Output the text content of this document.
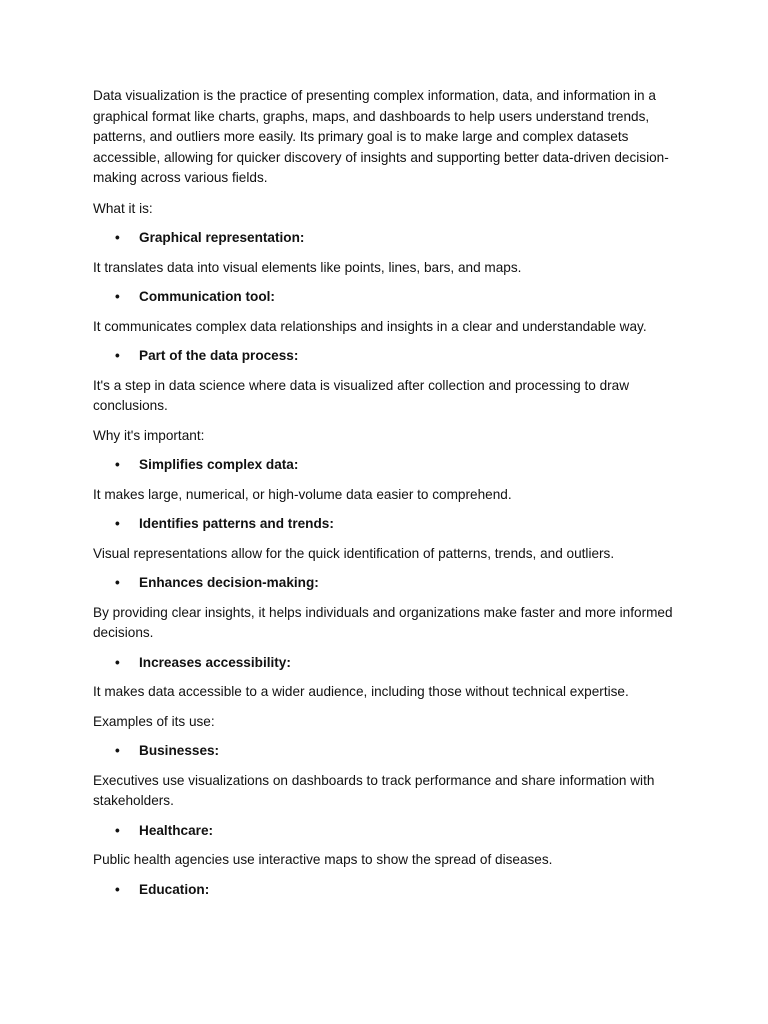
Data visualization is the practice of presenting complex information, data, and information in a graphical format like charts, graphs, maps, and dashboards to help users understand trends, patterns, and outliers more easily. Its primary goal is to make large and complex datasets accessible, allowing for quicker discovery of insights and supporting better data-driven decision-making across various fields.

What it is:

•	Graphical representation:

It translates data into visual elements like points, lines, bars, and maps.

•	Communication tool:

It communicates complex data relationships and insights in a clear and understandable way.

•	Part of the data process:

It's a step in data science where data is visualized after collection and processing to draw conclusions.

Why it's important:

•	Simplifies complex data:

It makes large, numerical, or high-volume data easier to comprehend.

•	Identifies patterns and trends:

Visual representations allow for the quick identification of patterns, trends, and outliers.

•	Enhances decision-making:

By providing clear insights, it helps individuals and organizations make faster and more informed decisions.

•	Increases accessibility:

It makes data accessible to a wider audience, including those without technical expertise.

Examples of its use:

•	Businesses:

Executives use visualizations on dashboards to track performance and share information with stakeholders.

•	Healthcare:

Public health agencies use interactive maps to show the spread of diseases.

•	Education:
